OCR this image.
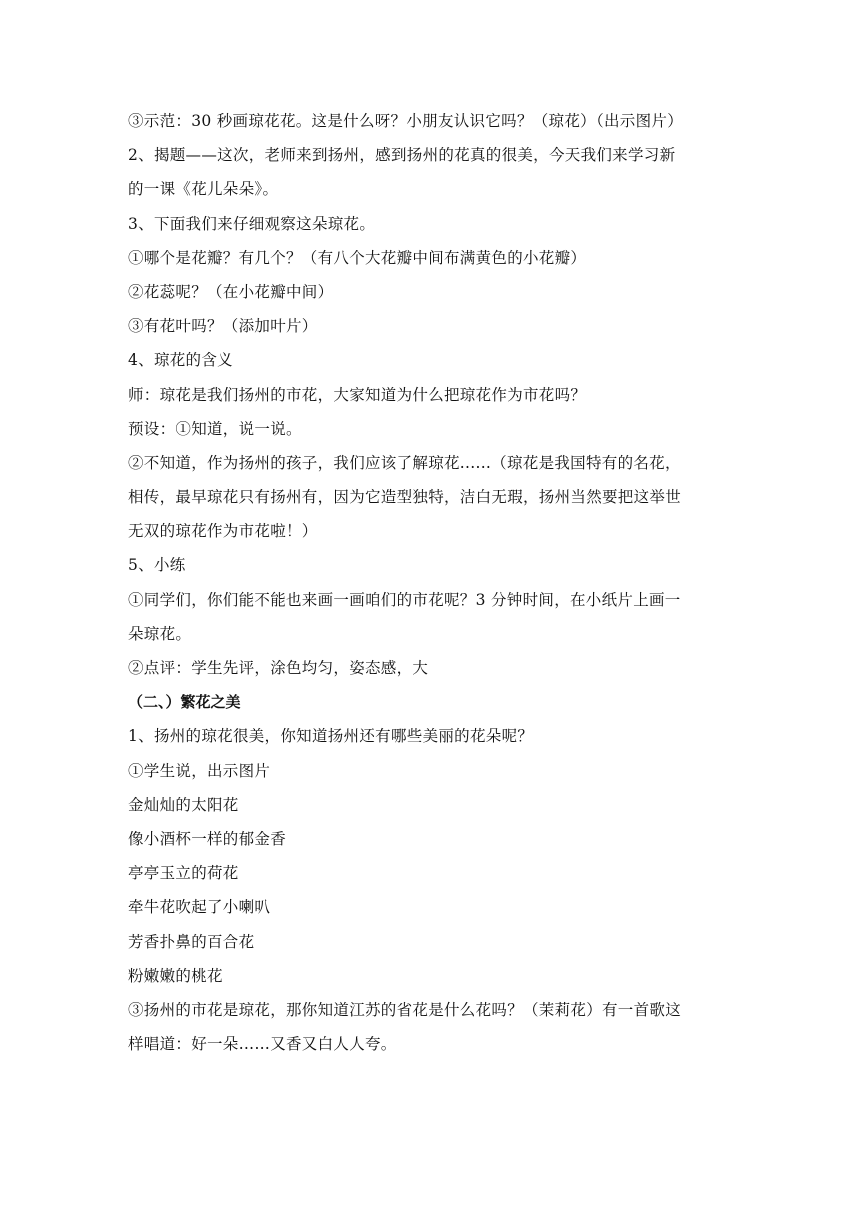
③示范：30 秒画琼花花。这是什么呀？小朋友认识它吗？（琼花）（出示图片）
2、揭题——这次，老师来到扬州，感到扬州的花真的很美，今天我们来学习新
的一课《花儿朵朵》。
3、下面我们来仔细观察这朵琼花。
①哪个是花瓣？有几个？（有八个大花瓣中间布满黄色的小花瓣）
②花蕊呢？（在小花瓣中间）
③有花叶吗？（添加叶片）
4、琼花的含义
师：琼花是我们扬州的市花，大家知道为什么把琼花作为市花吗？
预设：①知道，说一说。
②不知道，作为扬州的孩子，我们应该了解琼花......（琼花是我国特有的名花，
相传，最早琼花只有扬州有，因为它造型独特，洁白无瑕，扬州当然要把这举世
无双的琼花作为市花啦！）
5、小练
①同学们，你们能不能也来画一画咱们的市花呢？3 分钟时间，在小纸片上画一
朵琼花。
②点评：学生先评，涂色均匀，姿态感，大
（二、）繁花之美
1、扬州的琼花很美，你知道扬州还有哪些美丽的花朵呢？
①学生说，出示图片
金灿灿的太阳花
像小酒杯一样的郁金香
亭亭玉立的荷花
牵牛花吹起了小喇叭
芳香扑鼻的百合花
粉嫩嫩的桃花
③扬州的市花是琼花，那你知道江苏的省花是什么花吗？（茉莉花）有一首歌这
样唱道：好一朵……又香又白人人夸。
